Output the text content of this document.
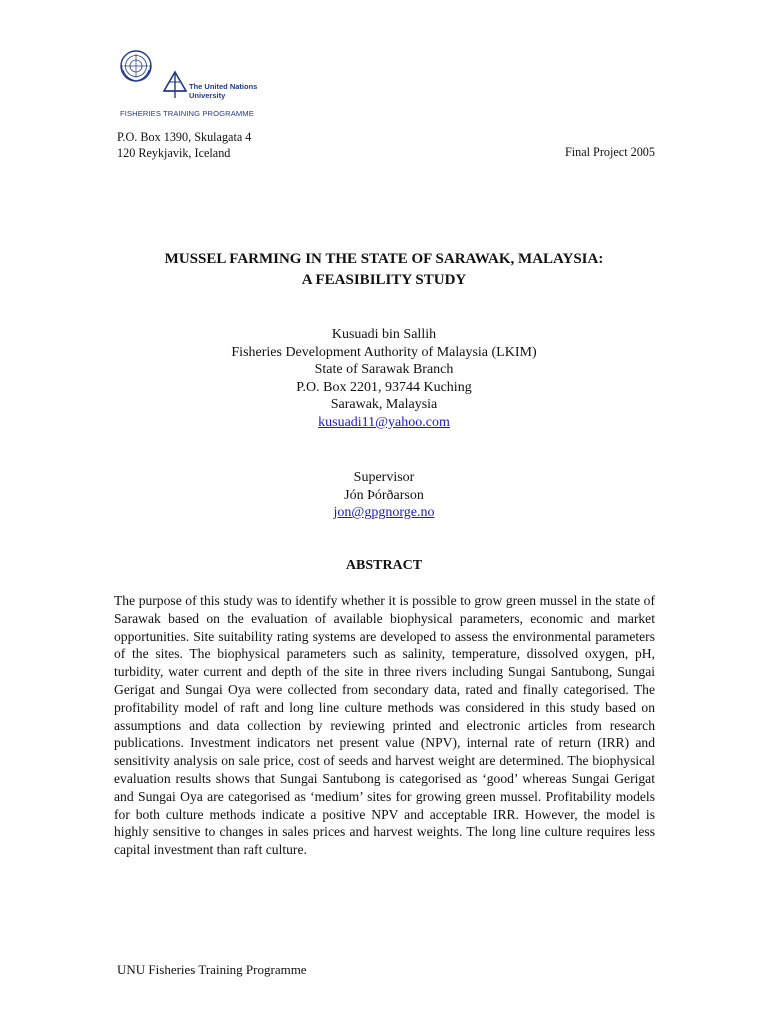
The United Nations
University
FISHERIES TRAINING PROGRAMME
P.O. Box 1390, Skulagata 4
120 Reykjavik, Iceland	Final Project 2005
MUSSEL FARMING IN THE STATE OF SARAWAK, MALAYSIA:
A FEASIBILITY STUDY
Kusuadi bin Sallih
Fisheries Development Authority of Malaysia (LKIM)
State of Sarawak Branch
P.O. Box 2201, 93744 Kuching
Sarawak, Malaysia
kusuadi11@yahoo.com
Supervisor
Jón Þórðarson
jon@gpgnorge.no
ABSTRACT
The purpose of this study was to identify whether it is possible to grow green mussel in the state of Sarawak based on the evaluation of available biophysical parameters, economic and market opportunities. Site suitability rating systems are developed to assess the environmental parameters of the sites. The biophysical parameters such as salinity, temperature, dissolved oxygen, pH, turbidity, water current and depth of the site in three rivers including Sungai Santubong, Sungai Gerigat and Sungai Oya were collected from secondary data, rated and finally categorised. The profitability model of raft and long line culture methods was considered in this study based on assumptions and data collection by reviewing printed and electronic articles from research publications. Investment indicators net present value (NPV), internal rate of return (IRR) and sensitivity analysis on sale price, cost of seeds and harvest weight are determined. The biophysical evaluation results shows that Sungai Santubong is categorised as ‘good’ whereas Sungai Gerigat and Sungai Oya are categorised as ‘medium’ sites for growing green mussel. Profitability models for both culture methods indicate a positive NPV and acceptable IRR. However, the model is highly sensitive to changes in sales prices and harvest weights. The long line culture requires less capital investment than raft culture.
UNU Fisheries Training Programme
